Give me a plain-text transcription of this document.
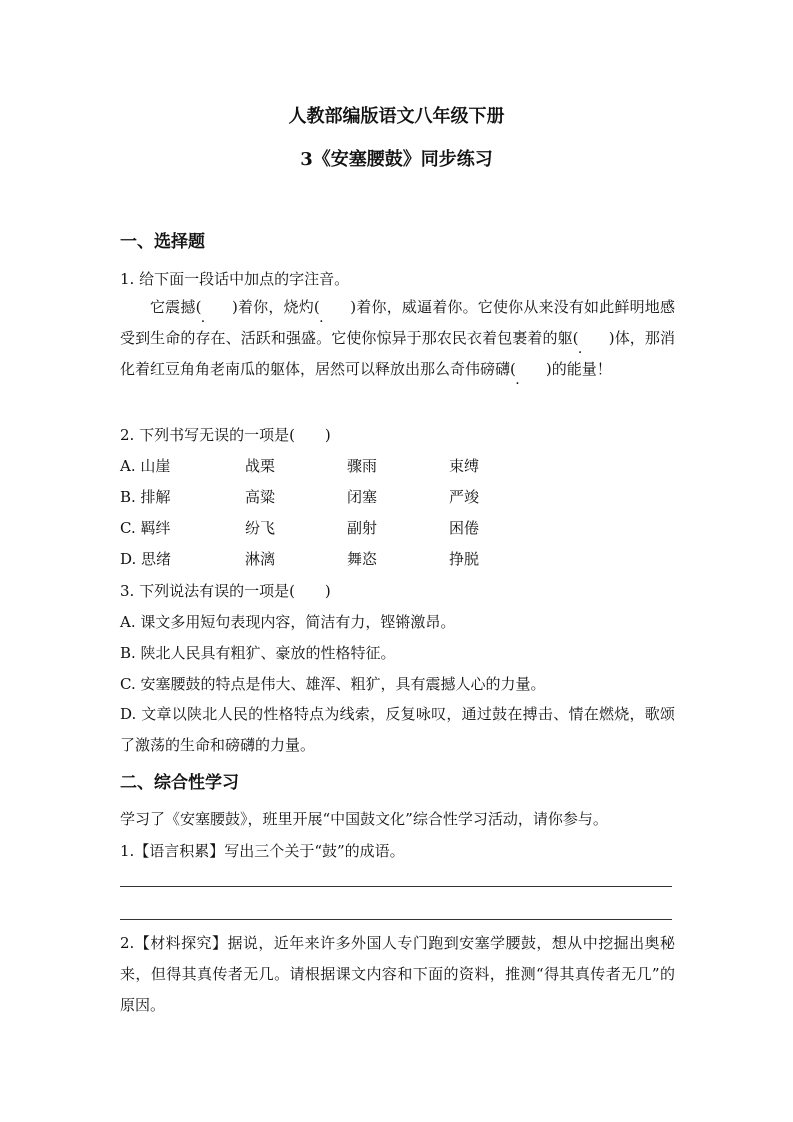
人教部编版语文八年级下册
3《安塞腰鼓》同步练习
一、选择题
1. 给下面一段话中加点的字注音。
它震撼(　　)着你，烧灼(　　)着你，威逼着你。它使你从来没有如此鲜明地感受到生命的存在、活跃和强盛。它使你惊异于那农民衣着包裹着的躯(　　)体，那消化着红豆角角老南瓜的躯体，居然可以释放出那么奇伟磅礴(　　)的能量！
2. 下列书写无误的一项是(　　)
A. 山崖	战栗	骤雨	束缚
B. 排解	高粱	闭塞	严竣
C. 羁绊	纷飞	副射	困倦
D. 思绪	淋漓	舞恣	挣脱
3. 下列说法有误的一项是(　　)
A. 课文多用短句表现内容，简洁有力，铿锵激昂。
B. 陕北人民具有粗犷、豪放的性格特征。
C. 安塞腰鼓的特点是伟大、雄浑、粗犷，具有震撼人心的力量。
D. 文章以陕北人民的性格特点为线索，反复咏叹，通过鼓在搏击、情在燃烧，歌颂了激荡的生命和磅礴的力量。
二、综合性学习
学习了《安塞腰鼓》，班里开展“中国鼓文化”综合性学习活动，请你参与。
1.【语言积累】写出三个关于“鼓”的成语。
2.【材料探究】据说，近年来许多外国人专门跑到安塞学腰鼓，想从中挖掘出奥秘来，但得其真传者无几。请根据课文内容和下面的资料，推测“得其真传者无几”的原因。
